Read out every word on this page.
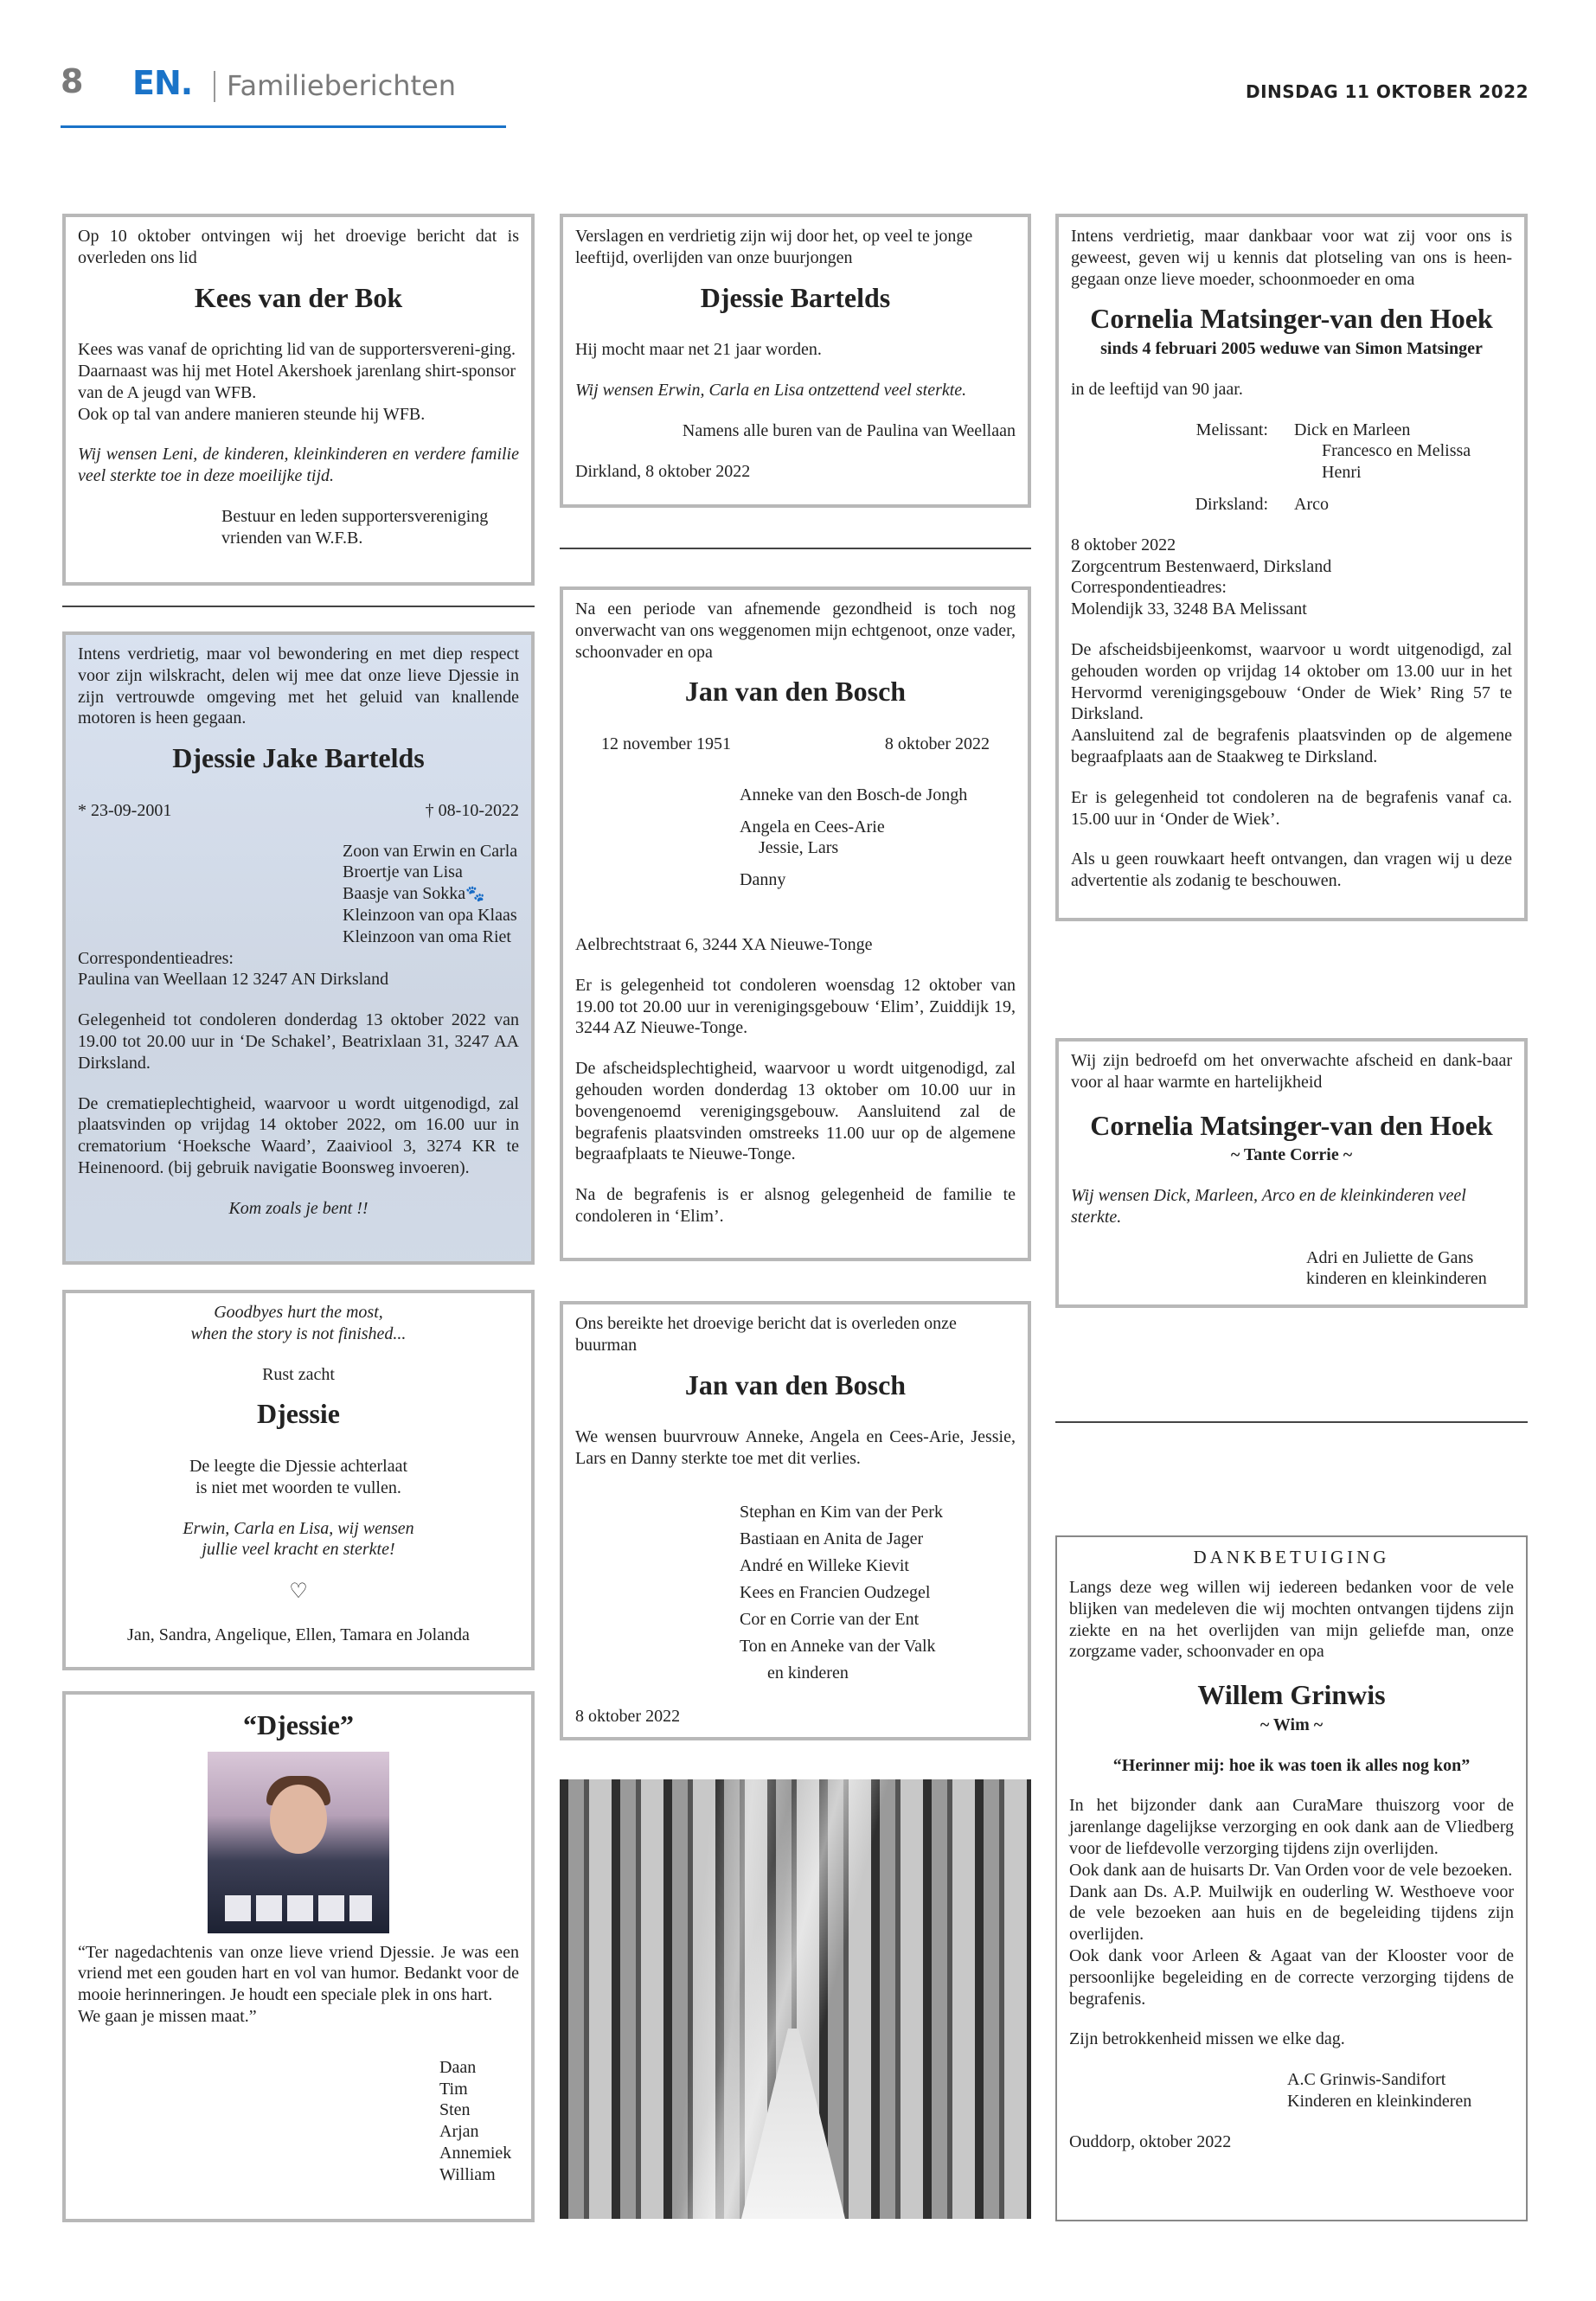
8 EN. Familieberichten	DINSDAG 11 OKTOBER 2022

Op 10 oktober ontvingen wij het droevige bericht dat is overleden ons lid

Kees van der Bok

Kees was vanaf de oprichting lid van de supportersvereni-ging.

Daarnaast was hij met Hotel Akershoek jarenlang shirt-sponsor van de A jeugd van WFB.

Ook op tal van andere manieren steunde hij WFB.

Wij wensen Leni, de kinderen, kleinkinderen en verdere familie veel sterkte toe in deze moeilijke tijd.

Bestuur en leden supportersvereniging

vrienden van W.F.B.

Intens verdrietig, maar vol bewondering en met diep respect voor zijn wilskracht, delen wij mee dat onze lieve Djessie in zijn vertrouwde omgeving met het geluid van knallende motoren is heen gegaan.

Djessie Jake Bartelds
* 23-09-2001	† 08-10-2022

Zoon van Erwin en Carla

Broertje van Lisa

Baasje van Sokka🐾

Kleinzoon van opa Klaas

Kleinzoon van oma Riet

Correspondentieadres:

Paulina van Weellaan 12 3247 AN Dirksland

Gelegenheid tot condoleren donderdag 13 oktober 2022 van 19.00 tot 20.00 uur in ‘De Schakel’, Beatrixlaan 31, 3247 AA Dirksland.

De crematieplechtigheid, waarvoor u wordt uitgenodigd, zal plaatsvinden op vrijdag 14 oktober 2022, om 16.00 uur in crematorium ‘Hoeksche Waard’, Zaaiviool 3, 3274 KR te Heinenoord. (bij gebruik navigatie Boonsweg invoeren).

Kom zoals je bent !!

Goodbyes hurt the most,

when the story is not finished...

Rust zacht

Djessie

De leegte die Djessie achterlaat

is niet met woorden te vullen.

Erwin, Carla en Lisa, wij wensen

jullie veel kracht en sterkte!

♡

Jan, Sandra, Angelique, Ellen, Tamara en Jolanda

“Djessie”

“Ter nagedachtenis van onze lieve vriend Djessie. Je was een vriend met een gouden hart en vol van humor. Bedankt voor de mooie herinneringen. Je houdt een speciale plek in ons hart.

We gaan je missen maat.”

Daan

Tim

Sten

Arjan

Annemiek

William

Verslagen en verdrietig zijn wij door het, op veel te jonge leeftijd, overlijden van onze buurjongen

Djessie Bartelds

Hij mocht maar net 21 jaar worden.

Wij wensen Erwin, Carla en Lisa ontzettend veel sterkte.

Namens alle buren van de Paulina van Weellaan

Dirkland, 8 oktober 2022

Na een periode van afnemende gezondheid is toch nog onverwacht van ons weggenomen mijn echtgenoot, onze vader, schoonvader en opa

Jan van den Bosch
12 november 1951	8 oktober 2022

Anneke van den Bosch-de Jongh

Angela en Cees-Arie

Jessie, Lars

Danny

Aelbrechtstraat 6, 3244 XA Nieuwe-Tonge

Er is gelegenheid tot condoleren woensdag 12 oktober van 19.00 tot 20.00 uur in verenigingsgebouw ‘Elim’, Zuiddijk 19, 3244 AZ Nieuwe-Tonge.

De afscheidsplechtigheid, waarvoor u wordt uitgenodigd, zal gehouden worden donderdag 13 oktober om 10.00 uur in bovengenoemd verenigingsgebouw. Aansluitend zal de begrafenis plaatsvinden omstreeks 11.00 uur op de algemene begraafplaats te Nieuwe-Tonge.

Na de begrafenis is er alsnog gelegenheid de familie te condoleren in ‘Elim’.

Ons bereikte het droevige bericht dat is overleden onze buurman

Jan van den Bosch

We wensen buurvrouw Anneke, Angela en Cees-Arie, Jessie, Lars en Danny sterkte toe met dit verlies.

Stephan en Kim van der Perk

Bastiaan en Anita de Jager

André en Willeke Kievit

Kees en Francien Oudzegel

Cor en Corrie van der Ent

Ton en Anneke van der Valk

en kinderen

8 oktober 2022

Intens verdrietig, maar dankbaar voor wat zij voor ons is geweest, geven wij u kennis dat plotseling van ons is heen-gegaan onze lieve moeder, schoonmoeder en oma

Cornelia Matsinger-van den Hoek

sinds 4 februari 2005 weduwe van Simon Matsinger

in de leeftijd van 90 jaar.

Melissant:	Dick en Marleen

Francesco en Melissa

Henri

Dirksland:	Arco

8 oktober 2022

Zorgcentrum Bestenwaerd, Dirksland

Correspondentieadres:

Molendijk 33, 3248 BA Melissant

De afscheidsbijeenkomst, waarvoor u wordt uitgenodigd, zal gehouden worden op vrijdag 14 oktober om 13.00 uur in het Hervormd verenigingsgebouw ‘Onder de Wiek’ Ring 57 te Dirksland.

Aansluitend zal de begrafenis plaatsvinden op de algemene begraafplaats aan de Staakweg te Dirksland.

Er is gelegenheid tot condoleren na de begrafenis vanaf ca. 15.00 uur in ‘Onder de Wiek’.

Als u geen rouwkaart heeft ontvangen, dan vragen wij u deze advertentie als zodanig te beschouwen.

Wij zijn bedroefd om het onverwachte afscheid en dank-baar voor al haar warmte en hartelijkheid

Cornelia Matsinger-van den Hoek

~ Tante Corrie ~

Wij wensen Dick, Marleen, Arco en de kleinkinderen veel sterkte.

Adri en Juliette de Gans

kinderen en kleinkinderen

DANKBETUIGING

Langs deze weg willen wij iedereen bedanken voor de vele blijken van medeleven die wij mochten ontvangen tijdens zijn ziekte en na het overlijden van mijn geliefde man, onze zorgzame vader, schoonvader en opa

Willem Grinwis

~ Wim ~

“Herinner mij: hoe ik was toen ik alles nog kon”

In het bijzonder dank aan CuraMare thuiszorg voor de jarenlange dagelijkse verzorging en ook dank aan de Vliedberg voor de liefdevolle verzorging tijdens zijn overlijden.

Ook dank aan de huisarts Dr. Van Orden voor de vele bezoeken.

Dank aan Ds. A.P. Muilwijk en ouderling W. Westhoeve voor de vele bezoeken aan huis en de begeleiding tijdens zijn overlijden.

Ook dank voor Arleen & Agaat van der Klooster voor de persoonlijke begeleiding en de correcte verzorging tijdens de begrafenis.

Zijn betrokkenheid missen we elke dag.

A.C Grinwis-Sandifort

Kinderen en kleinkinderen

Ouddorp, oktober 2022
